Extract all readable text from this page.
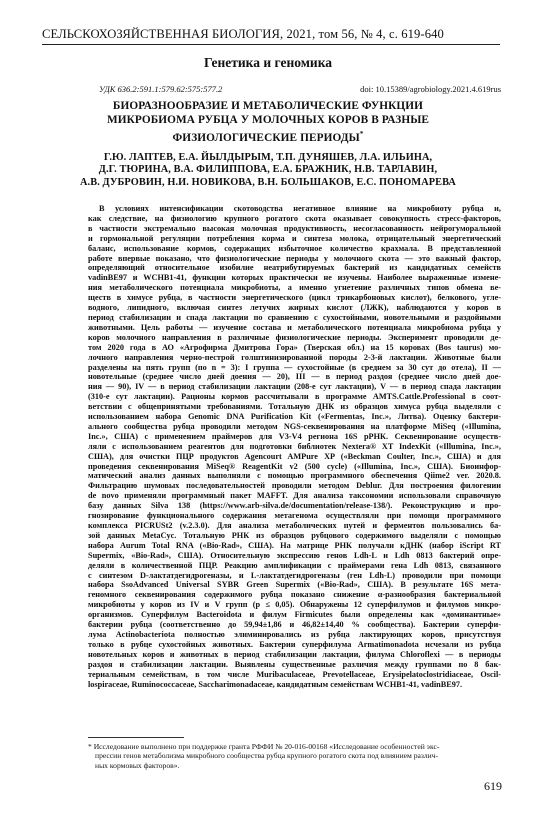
СЕЛЬСКОХОЗЯЙСТВЕННАЯ БИОЛОГИЯ, 2021, том 56, № 4, с. 619-640
Генетика и геномика
УДК 636.2:591.1:579.62:575:577.2	doi: 10.15389/agrobiology.2021.4.619rus
БИОРАЗНООБРАЗИЕ И МЕТАБОЛИЧЕСКИЕ ФУНКЦИИ
МИКРОБИОМА РУБЦА У МОЛОЧНЫХ КОРОВ В РАЗНЫЕ
ФИЗИОЛОГИЧЕСКИЕ ПЕРИОДЫ*
Г.Ю. ЛАПТЕВ, Е.А. ЙЫЛДЫРЫМ, Т.П. ДУНЯШЕВ, Л.А. ИЛЬИНА,
Д.Г. ТЮРИНА, В.А. ФИЛИППОВА, Е.А. БРАЖНИК, Н.В. ТАРЛАВИН,
А.В. ДУБРОВИН, Н.И. НОВИКОВА, В.Н. БОЛЬШАКОВ, Е.С. ПОНОМАРЕВА
В условиях интенсификации скотоводства негативное влияние на микробиоту рубца и,
как следствие, на физиологию крупного рогатого скота оказывает совокупность стресс-факторов,
в частности экстремально высокая молочная продуктивность, несогласованность нейрогуморальной
и гормональной регуляции потребления корма и синтеза молока, отрицательный энергетический
баланс, использование кормов, содержащих избыточное количество крахмала. В представленной
работе впервые показано, что физиологические периоды у молочного скота — это важный фактор,
определяющий относительное изобилие неатрибутируемых бактерий из кандидатных семейств
vadinBE97 и WCHB1-41, функции которых практически не изучены. Наиболее выраженные измене-
ния метаболического потенциала микробиоты, а именно угнетение различных типов обмена ве-
ществ в химусе рубца, в частности энергетического (цикл трикарбоновых кислот), белкового, угле-
водного, липидного, включая синтез летучих жирных кислот (ЛЖК), наблюдаются у коров в
период стабилизации и спада лактации по сравнению с сухостойными, новотельными и раздойными
животными. Цель работы — изучение состава и метаболического потенциала микробиома рубца у
коров молочного направления в различные физиологические периоды. Эксперимент проводили де-
том 2020 года в АО «Агрофирма Дмитрова Гора» (Тверская обл.) на 15 коровах (Bos taurus) мо-
лочного направления черно-пестрой голштинизированной породы 2-3-й лактации. Животные были
разделены на пять групп (по n = 3): I группа — сухостойные (в среднем за 30 сут до отела), II —
новотельные (среднее число дней доения — 20), III — в период раздоя (среднее число дней дое-
ния — 90), IV — в период стабилизации лактации (208-е сут лактации), V — в период спада лактации
(310-е сут лактации). Рационы кормов рассчитывали в программе AMTS.Cattle.Professional в соот-
ветствии с общепринятыми требованиями. Тотальную ДНК из образцов химуса рубца выделяли с
использованием набора Genomic DNA Purification Kit («Fermentas, Inc.», Литва). Оценку бактери-
ального сообщества рубца проводили методом NGS-секвенирования на платформе MiSeq («Illumina,
Inc.», США) с применением праймеров для V3-V4 региона 16S рРНК. Секвенирование осуществ-
ляли с использованием реагентов для подготовки библиотек Nextera® XT IndexKit («Illumina, Inc.»,
США), для очистки ПЦР продуктов Agencourt AMPure XP («Beckman Coulter, Inc.», США) и для
проведения секвенирования MiSeq® ReagentKit v2 (500 cycle) («Illumina, Inc.», США). Биоинфор-
матический анализ данных выполняли с помощью программного обеспечения Qiime2 ver. 2020.8.
Фильтрацию шумовых последовательностей проводили методом Deblur. Для построения филогении
de novo применяли программный пакет MAFFT. Для анализа таксономии использовали справочную
базу данных Silva 138 (https://www.arb-silva.de/documentation/release-138/). Реконструкцию и про-
гнозирование функционального содержания метагенома осуществляли при помощи программного
комплекса PICRUSt2 (v.2.3.0). Для анализа метаболических путей и ферментов пользовались ба-
зой данных MetaCyc. Тотальную РНК из образцов рубцового содержимого выделяли с помощью
набора Aurum Total RNA («Bio-Rad», США). На матрице РНК получали кДНК (набор iScript RT
Supermix, «Bio-Rad», США). Относительную экспрессию генов Ldh-L и Ldh 0813 бактерий опре-
деляли в количественной ПЦР. Реакцию амплификации с праймерами гена Ldh 0813, связанного
с синтезом D-лактатдегидрогеназы, и L-лактатдегидрогеназы (ген Ldh-L) проводили при помощи
набора SsoAdvanced Universal SYBR Green Supermix («Bio-Rad», США). В результате 16S мета-
геномного секвенирования содержимого рубца показано снижение α-разнообразия бактериальной
микробиоты у коров из IV и V групп (p ≤ 0,05). Обнаружены 12 суперфилумов и филумов микро-
организмов. Суперфилум Bacteroidota и филум Firmicutes были определены как «доминантные»
бактерии рубца (соответственно до 59,94±1,86 и 46,82±14,40 % сообщества). Бактерии суперфи-
лума Actinobacteriota полностью элиминировались из рубца лактирующих коров, присутствуя
только в рубце сухостойных животных. Бактерии суперфилума Armatimonadota исчезали из рубца
новотельных коров и животных в период стабилизации лактации, филума Chloroflexi — в периоды
раздоя и стабилизации лактации. Выявлены существенные различия между группами по 8 бак-
териальным семействам, в том числе Muribaculaceae, Prevotellaceae, Erysipelatoclostridiaceae, Oscil-
lospiraceae, Ruminococcaceae, Saccharimonadaceae, кандидатным семействам WCHB1-41, vadinBE97.
* Исследование выполнено при поддержке гранта РФФИ № 20-016-00168 «Исследование особенностей экс-
прессии генов метаболизма микробного сообщества рубца крупного рогатого скота под влиянием различ-
ных кормовых факторов».
619
